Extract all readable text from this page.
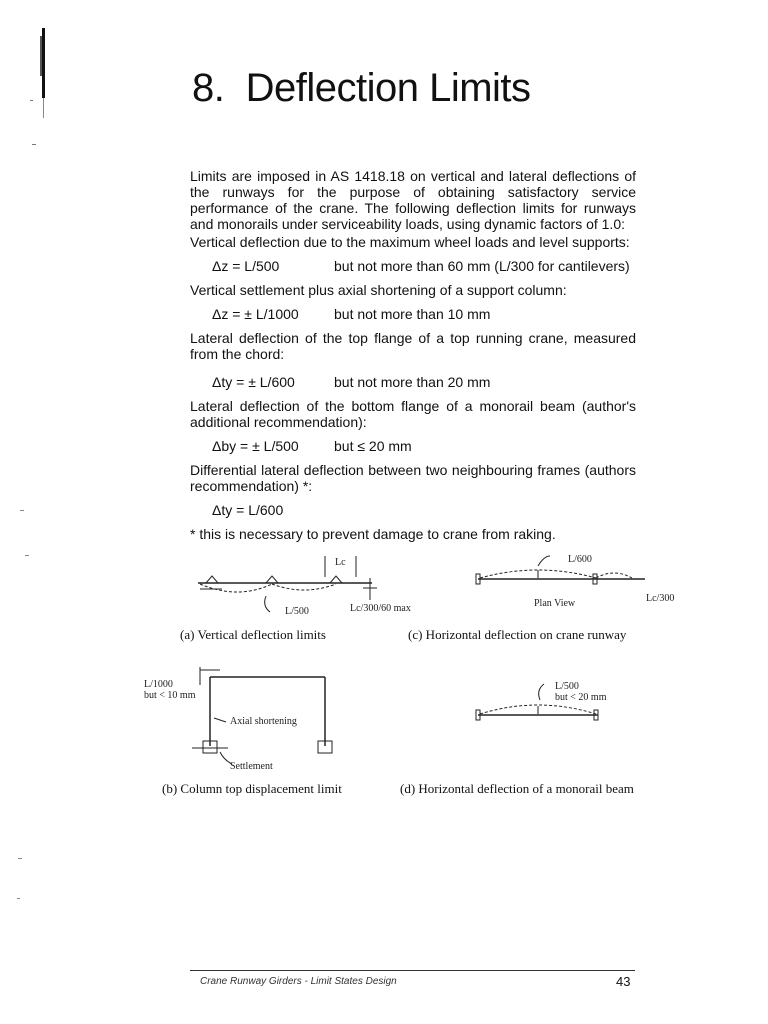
8. Deflection Limits

Limits are imposed in AS 1418.18 on vertical and lateral deflections of the runways for the purpose of obtaining satisfactory service performance of the crane. The following deflection limits for runways and monorails under serviceability loads, using dynamic factors of 1.0:

Vertical deflection due to the maximum wheel loads and level supports:

Δz = L/500	but not more than 60 mm (L/300 for cantilevers)

Vertical settlement plus axial shortening of a support column:

Δz = ± L/1000	but not more than 10 mm

Lateral deflection of the top flange of a top running crane, measured from the chord:

Δty = ± L/600	but not more than 20 mm

Lateral deflection of the bottom flange of a monorail beam (author's additional recommendation):

Δby = ± L/500	but ≤ 20 mm

Differential lateral deflection between two neighbouring frames (authors recommendation) *:

Δty = L/600

* this is necessary to prevent damage to crane from raking.

Lc
L/500	Lc/300/60 max
(a) Vertical deflection limits
L/600
Plan View	Lc/300
(c) Horizontal deflection on crane runway
L/1000
but < 10 mm
Axial shortening
Settlement
(b) Column top displacement limit
L/500
but < 20 mm
(d) Horizontal deflection of a monorail beam
Crane Runway Girders - Limit States Design	43
